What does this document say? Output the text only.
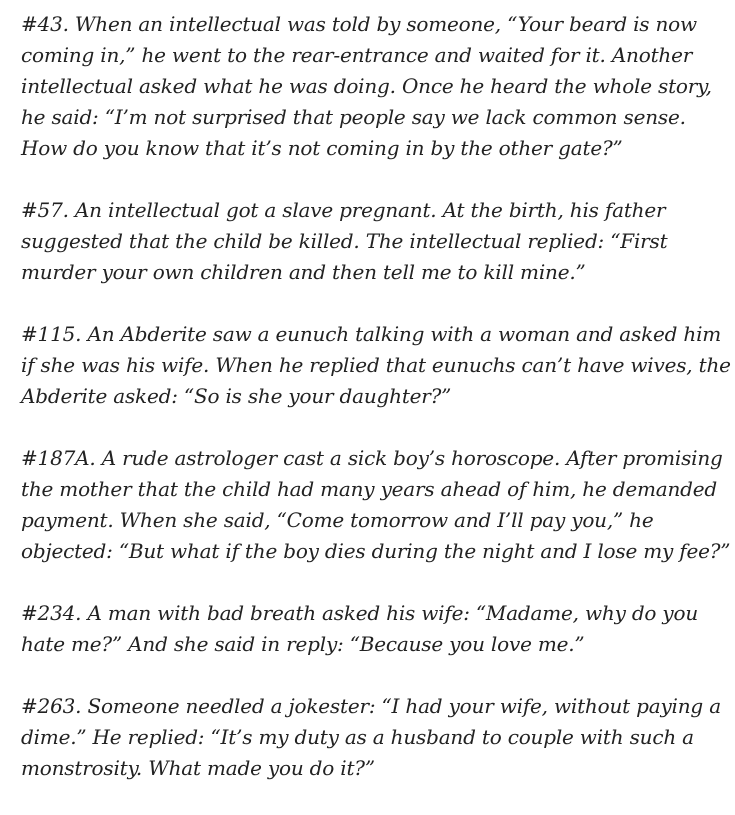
#43. When an intellectual was told by someone, “Your beard is now
coming in,” he went to the rear-entrance and waited for it. Another
intellectual asked what he was doing. Once he heard the whole story,
he said: “I’m not surprised that people say we lack common sense.
How do you know that it’s not coming in by the other gate?”

#57. An intellectual got a slave pregnant. At the birth, his father
suggested that the child be killed. The intellectual replied: “First
murder your own children and then tell me to kill mine.”

#115. An Abderite saw a eunuch talking with a woman and asked him
if she was his wife. When he replied that eunuchs can’t have wives, the
Abderite asked: “So is she your daughter?”

#187A. A rude astrologer cast a sick boy’s horoscope. After promising
the mother that the child had many years ahead of him, he demanded
payment. When she said, “Come tomorrow and I’ll pay you,” he
objected: “But what if the boy dies during the night and I lose my fee?”

#234. A man with bad breath asked his wife: “Madame, why do you
hate me?” And she said in reply: “Because you love me.”

#263. Someone needled a jokester: “I had your wife, without paying a
dime.” He replied: “It’s my duty as a husband to couple with such a
monstrosity. What made you do it?”
